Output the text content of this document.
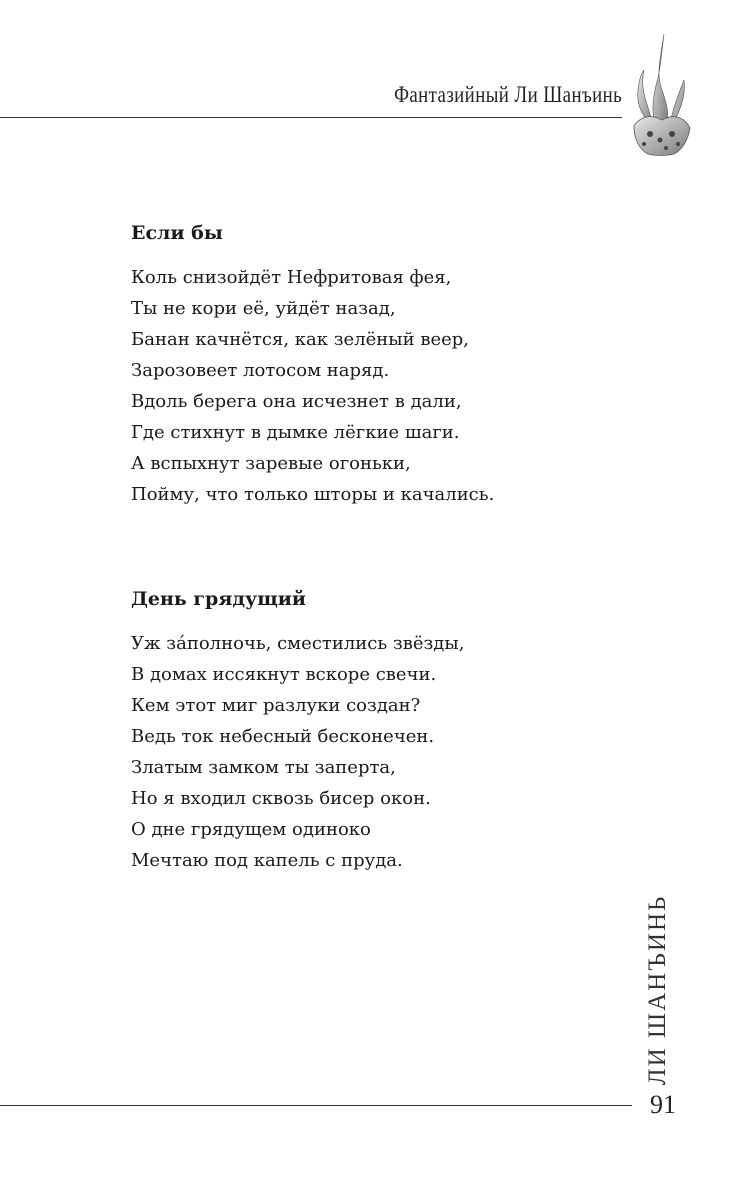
Фантазийный Ли Шанъинь
Если бы
Коль снизойдёт Нефритовая фея,
Ты не кори её, уйдёт назад,
Банан качнётся, как зелёный веер,
Зарозовеет лотосом наряд.
Вдоль берега она исчезнет в дали,
Где стихнут в дымке лёгкие шаги.
А вспыхнут заревые огоньки,
Пойму, что только шторы и качались.
День грядущий
Уж за́полночь, сместились звёзды,
В домах иссякнут вскоре свечи.
Кем этот миг разлуки создан?
Ведь ток небесный бесконечен.
Златым замком ты заперта,
Но я входил сквозь бисер окон.
О дне грядущем одиноко
Мечтаю под капель с пруда.
ЛИ ШАНЪИНЬ
91
